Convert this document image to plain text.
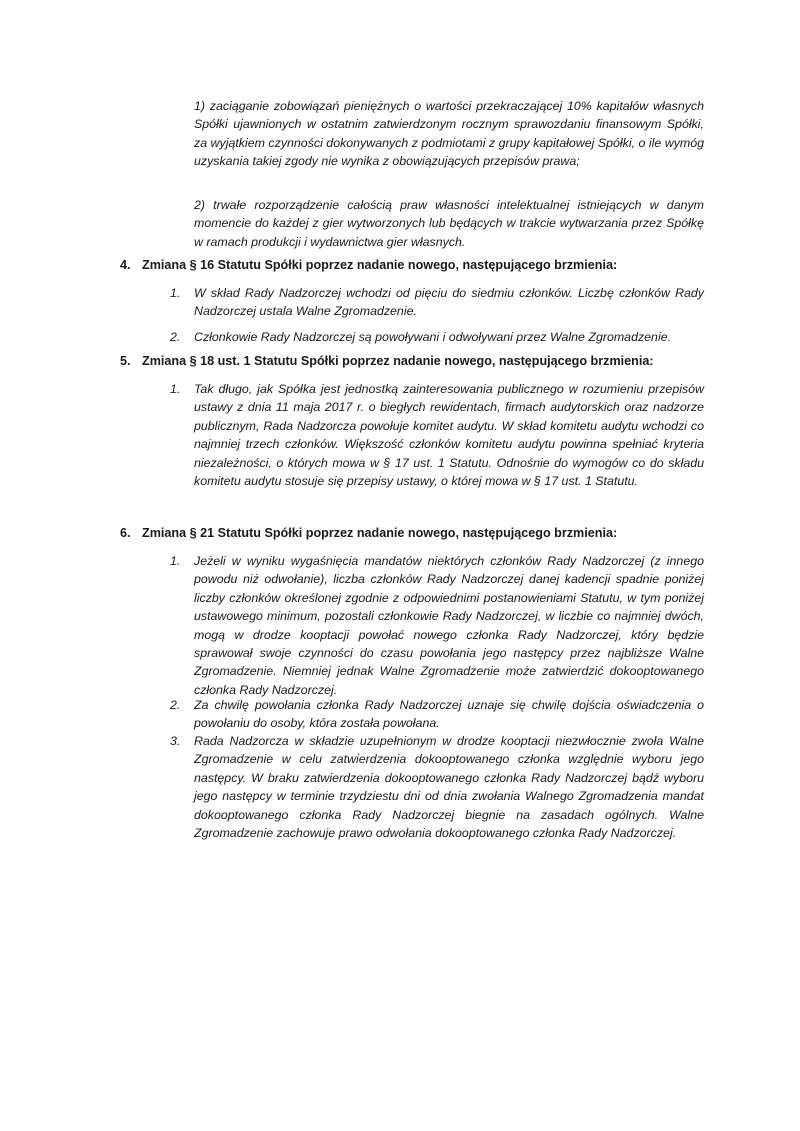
1) zaciąganie zobowiązań pieniężnych o wartości przekraczającej 10% kapitałów własnych Spółki ujawnionych w ostatnim zatwierdzonym rocznym sprawozdaniu finansowym Spółki, za wyjątkiem czynności dokonywanych z podmiotami z grupy kapitałowej Spółki, o ile wymóg uzyskania takiej zgody nie wynika z obowiązujących przepisów prawa;

2) trwałe rozporządzenie całością praw własności intelektualnej istniejących w danym momencie do każdej z gier wytworzonych lub będących w trakcie wytwarzania przez Spółkę w ramach produkcji i wydawnictwa gier własnych.

4. Zmiana § 16 Statutu Spółki poprzez nadanie nowego, następującego brzmienia:
1.	W skład Rady Nadzorczej wchodzi od pięciu do siedmiu członków. Liczbę członków Rady Nadzorczej ustala Walne Zgromadzenie.
2.	Członkowie Rady Nadzorczej są powoływani i odwoływani przez Walne Zgromadzenie.
5. Zmiana § 18 ust. 1 Statutu Spółki poprzez nadanie nowego, następującego brzmienia:
1.	Tak długo, jak Spółka jest jednostką zainteresowania publicznego w rozumieniu przepisów ustawy z dnia 11 maja 2017 r. o biegłych rewidentach, firmach audytorskich oraz nadzorze publicznym, Rada Nadzorcza powołuje komitet audytu. W skład komitetu audytu wchodzi co najmniej trzech członków. Większość członków komitetu audytu powinna spełniać kryteria niezależności, o których mowa w § 17 ust. 1 Statutu. Odnośnie do wymogów co do składu komitetu audytu stosuje się przepisy ustawy, o której mowa w § 17 ust. 1 Statutu.
6. Zmiana § 21 Statutu Spółki poprzez nadanie nowego, następującego brzmienia:
1.	Jeżeli w wyniku wygaśnięcia mandatów niektórych członków Rady Nadzorczej (z innego powodu niż odwołanie), liczba członków Rady Nadzorczej danej kadencji spadnie poniżej liczby członków określonej zgodnie z odpowiednimi postanowieniami Statutu, w tym poniżej ustawowego minimum, pozostali członkowie Rady Nadzorczej, w liczbie co najmniej dwóch, mogą w drodze kooptacji powołać nowego członka Rady Nadzorczej, który będzie sprawował swoje czynności do czasu powołania jego następcy przez najbliższe Walne Zgromadzenie. Niemniej jednak Walne Zgromadzenie może zatwierdzić dokooptowanego członka Rady Nadzorczej.
2.	Za chwilę powołania członka Rady Nadzorczej uznaje się chwilę dojścia oświadczenia o powołaniu do osoby, która została powołana.
3.	Rada Nadzorcza w składzie uzupełnionym w drodze kooptacji niezwłocznie zwoła Walne Zgromadzenie w celu zatwierdzenia dokooptowanego członka względnie wyboru jego następcy. W braku zatwierdzenia dokooptowanego członka Rady Nadzorczej bądź wyboru jego następcy w terminie trzydziestu dni od dnia zwołania Walnego Zgromadzenia mandat dokooptowanego członka Rady Nadzorczej biegnie na zasadach ogólnych. Walne Zgromadzenie zachowuje prawo odwołania dokooptowanego członka Rady Nadzorczej.
